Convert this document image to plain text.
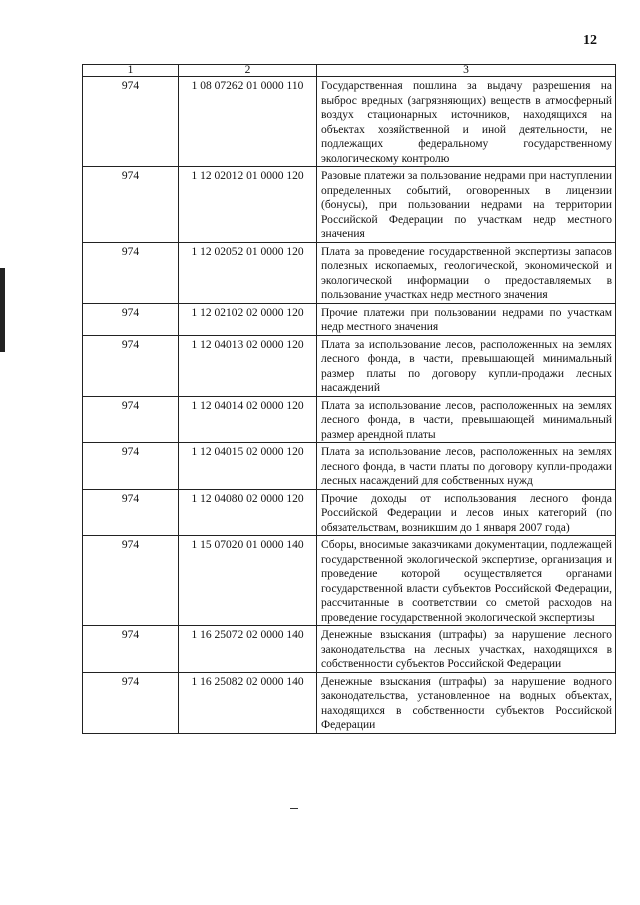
12
1	2	3
974	1 08 07262 01 0000 110	Государственная пошлина за выдачу разрешения на выброс вредных (загрязняющих) веществ в атмосферный воздух стационарных источников, находящихся на объектах хозяйственной и иной деятельности, не подлежащих федеральному государственному экологическому контролю
974	1 12 02012 01 0000 120	Разовые платежи за пользование недрами при наступлении определенных событий, оговоренных в лицензии (бонусы), при пользовании недрами на территории Российской Федерации по участкам недр местного значения
974	1 12 02052 01 0000 120	Плата за проведение государственной экспертизы запасов полезных ископаемых, геологической, экономической и экологической информации о предоставляемых в пользование участках недр местного значения
974	1 12 02102 02 0000 120	Прочие платежи при пользовании недрами по участкам недр местного значения
974	1 12 04013 02 0000 120	Плата за использование лесов, расположенных на землях лесного фонда, в части, превышающей минимальный размер платы по договору купли-продажи лесных насаждений
974	1 12 04014 02 0000 120	Плата за использование лесов, расположенных на землях лесного фонда, в части, превышающей минимальный размер арендной платы
974	1 12 04015 02 0000 120	Плата за использование лесов, расположенных на землях лесного фонда, в части платы по договору купли-продажи лесных насаждений для собственных нужд
974	1 12 04080 02 0000 120	Прочие доходы от использования лесного фонда Российской Федерации и лесов иных категорий (по обязательствам, возникшим до 1 января 2007 года)
974	1 15 07020 01 0000 140	Сборы, вносимые заказчиками документации, подлежащей государственной экологической экспертизе, организация и проведение которой осуществляется органами государственной власти субъектов Российской Федерации, рассчитанные в соответствии со сметой расходов на проведение государственной экологической экспертизы
974	1 16 25072 02 0000 140	Денежные взыскания (штрафы) за нарушение лесного законодательства на лесных участках, находящихся в собственности субъектов Российской Федерации
974	1 16 25082 02 0000 140	Денежные взыскания (штрафы) за нарушение водного законодательства, установленное на водных объектах, находящихся в собственности субъектов Российской Федерации
